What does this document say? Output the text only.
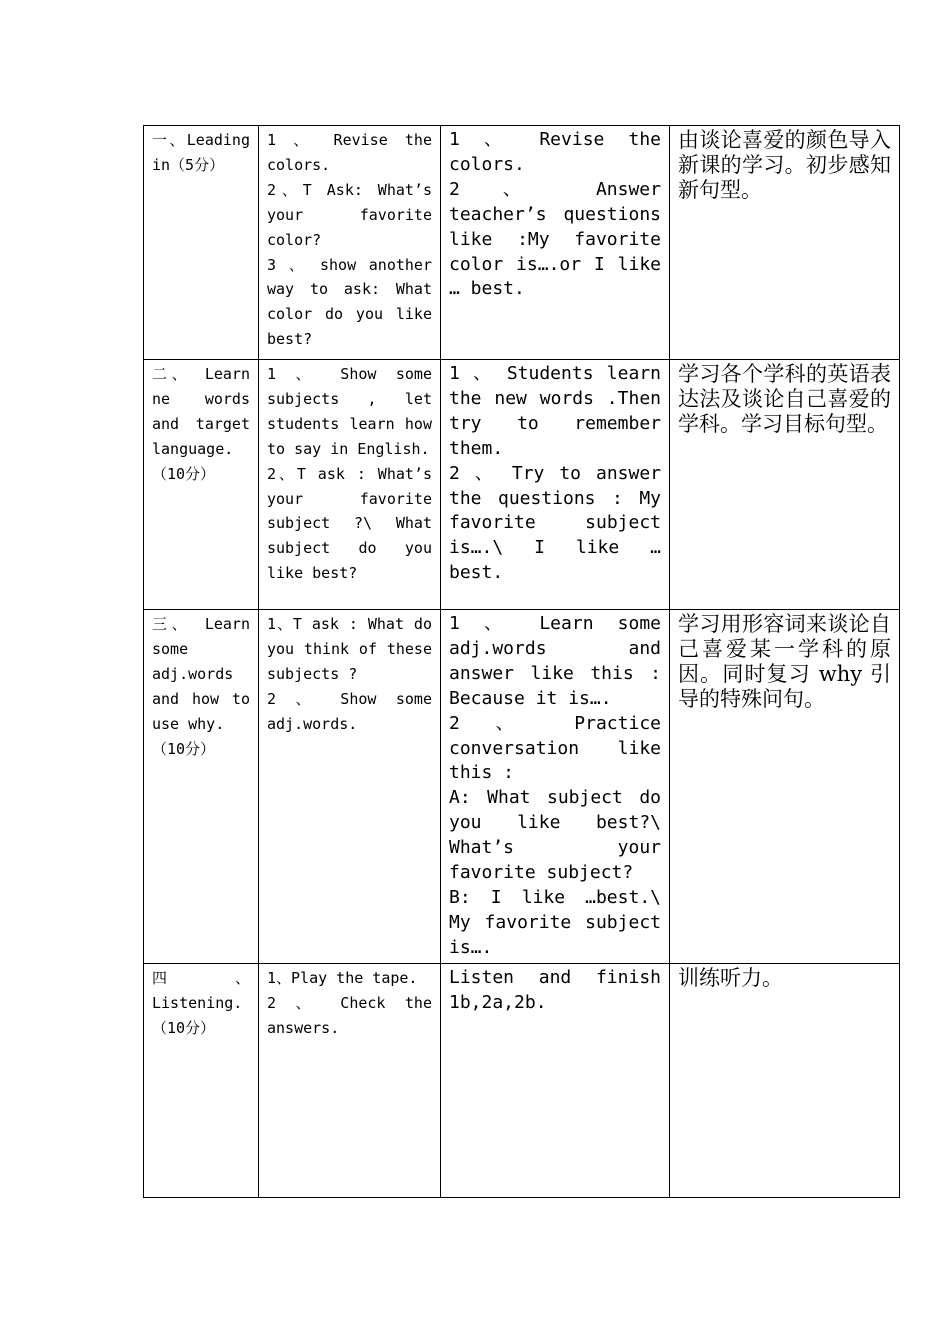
一、Leading in（5分）	1 、 Revise the colors.
2、T Ask: What’s your favorite color?
3 、 show another way to ask: What color do you like best?	1 、 Revise the colors.
2 、 Answer teacher’s questions like :My favorite color is….or I like … best.	由谈论喜爱的颜色导入新课的学习。初步感知新句型。

二、 Learn ne words and target language.
（10分）	1 、 Show some subjects , let students learn how to say in English.
2、T ask : What’s your favorite subject ?\ What subject do you like best?	1 、 Students learn the new words .Then try to remember them.
2 、 Try to answer the questions : My favorite subject is….\ I like … best.	学习各个学科的英语表达法及谈论自己喜爱的学科。学习目标句型。

三、 Learn some adj.words and how to use why.
（10分）	1、T ask : What do you think of these subjects ?
2 、 Show some adj.words.	1 、 Learn some adj.words and answer like this : Because it is….
2 、 Practice conversation like this :
A: What subject do you like best?\ What’s your favorite subject?
B: I like …best.\ My favorite subject is….	学习用形容词来谈论自己喜爱某一学科的原因。同时复习 why 引导的特殊问句。

四、Listening.
（10分）	1、Play the tape.
2 、 Check the answers.	Listen and finish 1b,2a,2b.	训练听力。
